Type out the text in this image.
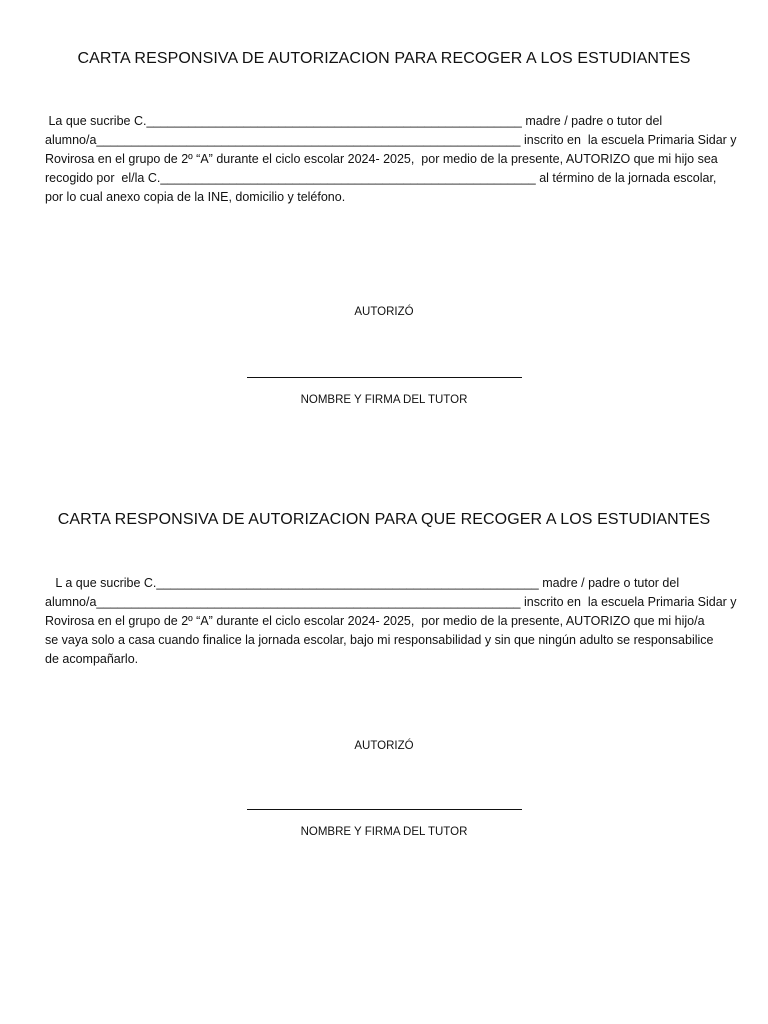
CARTA RESPONSIVA DE AUTORIZACION PARA RECOGER A LOS ESTUDIANTES
La que sucribe C.______________________________________________________ madre / padre o tutor del
alumno/a_____________________________________________________________ inscrito en  la escuela Primaria Sidar y
Rovirosa en el grupo de 2º “A” durante el ciclo escolar 2024- 2025,  por medio de la presente, AUTORIZO que mi hijo sea
recogido por  el/la C.______________________________________________________ al término de la jornada escolar,
por lo cual anexo copia de la INE, domicilio y teléfono.
AUTORIZÓ
NOMBRE Y FIRMA DEL TUTOR
CARTA RESPONSIVA DE AUTORIZACION PARA QUE RECOGER A LOS ESTUDIANTES
L a que sucribe C._______________________________________________________ madre / padre o tutor del
alumno/a_____________________________________________________________ inscrito en  la escuela Primaria Sidar y
Rovirosa en el grupo de 2º “A” durante el ciclo escolar 2024- 2025,  por medio de la presente, AUTORIZO que mi hijo/a
se vaya solo a casa cuando finalice la jornada escolar, bajo mi responsabilidad y sin que ningún adulto se responsabilice
de acompañarlo.
AUTORIZÓ
NOMBRE Y FIRMA DEL TUTOR
